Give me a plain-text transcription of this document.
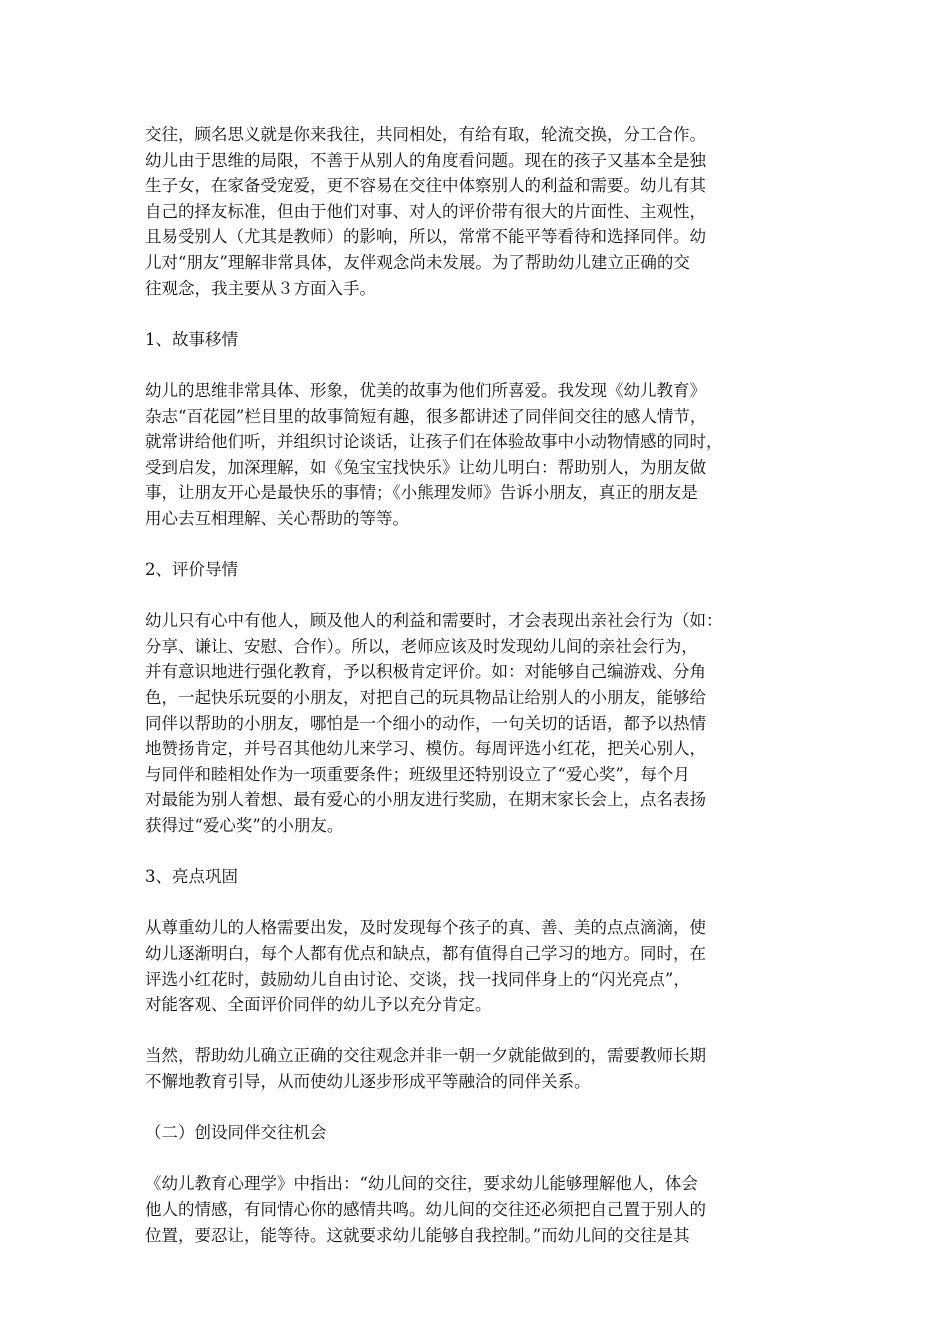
交往，顾名思义就是你来我往，共同相处，有给有取，轮流交换，分工合作。
幼儿由于思维的局限，不善于从别人的角度看问题。现在的孩子又基本全是独
生子女，在家备受宠爱，更不容易在交往中体察别人的利益和需要。幼儿有其
自己的择友标准，但由于他们对事、对人的评价带有很大的片面性、主观性，
且易受别人（尤其是教师）的影响，所以，常常不能平等看待和选择同伴。幼
儿对“朋友”理解非常具体，友伴观念尚未发展。为了帮助幼儿建立正确的交
往观念，我主要从３方面入手。

1、故事移情

幼儿的思维非常具体、形象，优美的故事为他们所喜爱。我发现《幼儿教育》
杂志“百花园”栏目里的故事简短有趣，很多都讲述了同伴间交往的感人情节，
就常讲给他们听，并组织讨论谈话，让孩子们在体验故事中小动物情感的同时，
受到启发，加深理解，如《兔宝宝找快乐》让幼儿明白：帮助别人，为朋友做
事，让朋友开心是最快乐的事情；《小熊理发师》告诉小朋友，真正的朋友是
用心去互相理解、关心帮助的等等。

2、评价导情

幼儿只有心中有他人，顾及他人的利益和需要时，才会表现出亲社会行为（如：
分享、谦让、安慰、合作）。所以，老师应该及时发现幼儿间的亲社会行为，
并有意识地进行强化教育，予以积极肯定评价。如：对能够自己编游戏、分角
色，一起快乐玩耍的小朋友，对把自己的玩具物品让给别人的小朋友，能够给
同伴以帮助的小朋友，哪怕是一个细小的动作，一句关切的话语，都予以热情
地赞扬肯定，并号召其他幼儿来学习、模仿。每周评选小红花，把关心别人，
与同伴和睦相处作为一项重要条件；班级里还特别设立了“爱心奖”，每个月
对最能为别人着想、最有爱心的小朋友进行奖励，在期末家长会上，点名表扬
获得过“爱心奖”的小朋友。

3、亮点巩固

从尊重幼儿的人格需要出发，及时发现每个孩子的真、善、美的点点滴滴，使
幼儿逐渐明白，每个人都有优点和缺点，都有值得自己学习的地方。同时，在
评选小红花时，鼓励幼儿自由讨论、交谈，找一找同伴身上的“闪光亮点”，
对能客观、全面评价同伴的幼儿予以充分肯定。

当然，帮助幼儿确立正确的交往观念并非一朝一夕就能做到的，需要教师长期
不懈地教育引导，从而使幼儿逐步形成平等融洽的同伴关系。

（二）创设同伴交往机会

《幼儿教育心理学》中指出：“幼儿间的交往，要求幼儿能够理解他人，体会
他人的情感，有同情心你的感情共鸣。幼儿间的交往还必须把自己置于别人的
位置，要忍让，能等待。这就要求幼儿能够自我控制。”而幼儿间的交往是其
